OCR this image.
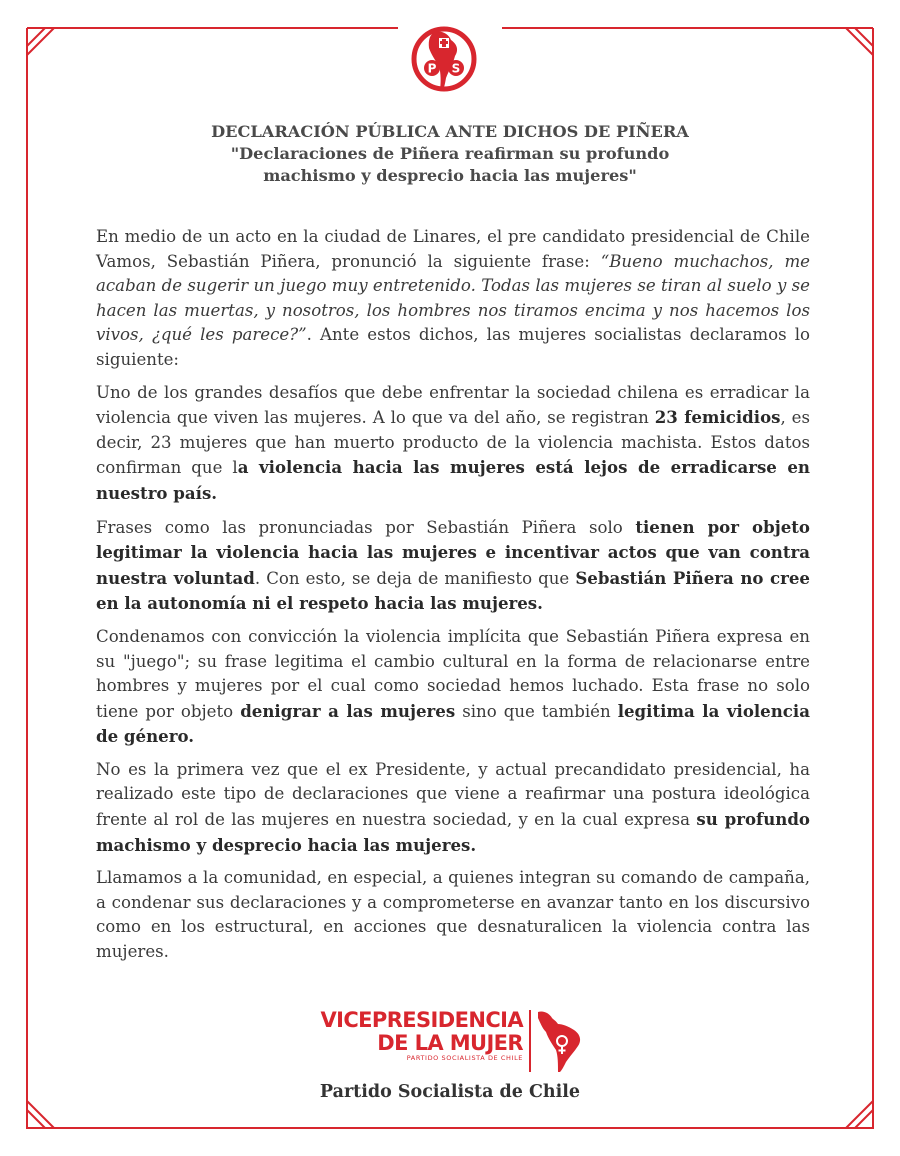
P S
DECLARACIÓN PÚBLICA ANTE DICHOS DE PIÑERA
"Declaraciones de Piñera reafirman su profundo
machismo y desprecio hacia las mujeres"

En medio de un acto en la ciudad de Linares, el pre candidato presidencial de Chile Vamos, Sebastián Piñera, pronunció la siguiente frase: “Bueno muchachos, me acaban de sugerir un juego muy entretenido. Todas las mujeres se tiran al suelo y se hacen las muertas, y nosotros, los hombres nos tiramos encima y nos hacemos los vivos, ¿qué les parece?”. Ante estos dichos, las mujeres socialistas declaramos lo siguiente:

Uno de los grandes desafíos que debe enfrentar la sociedad chilena es erradicar la violencia que viven las mujeres. A lo que va del año, se registran 23 femicidios, es decir, 23 mujeres que han muerto producto de la violencia machista. Estos datos confirman que la violencia hacia las mujeres está lejos de erradicarse en nuestro país.

Frases como las pronunciadas por Sebastián Piñera solo tienen por objeto legitimar la violencia hacia las mujeres e incentivar actos que van contra nuestra voluntad. Con esto, se deja de manifiesto que Sebastián Piñera no cree en la autonomía ni el respeto hacia las mujeres.

Condenamos con convicción la violencia implícita que Sebastián Piñera expresa en su "juego"; su frase legitima el cambio cultural en la forma de relacionarse entre hombres y mujeres por el cual como sociedad hemos luchado. Esta frase no solo tiene por objeto denigrar a las mujeres sino que también legitima la violencia de género.

No es la primera vez que el ex Presidente, y actual precandidato presidencial, ha realizado este tipo de declaraciones que viene a reafirmar una postura ideológica frente al rol de las mujeres en nuestra sociedad, y en la cual expresa su profundo machismo y desprecio hacia las mujeres.

Llamamos a la comunidad, en especial, a quienes integran su comando de campaña, a condenar sus declaraciones y a comprometerse en avanzar tanto en los discursivo como en los estructural, en acciones que desnaturalicen la violencia contra las mujeres.

VICEPRESIDENCIA
DE LA MUJER
PARTIDO SOCIALISTA DE CHILE
Partido Socialista de Chile
